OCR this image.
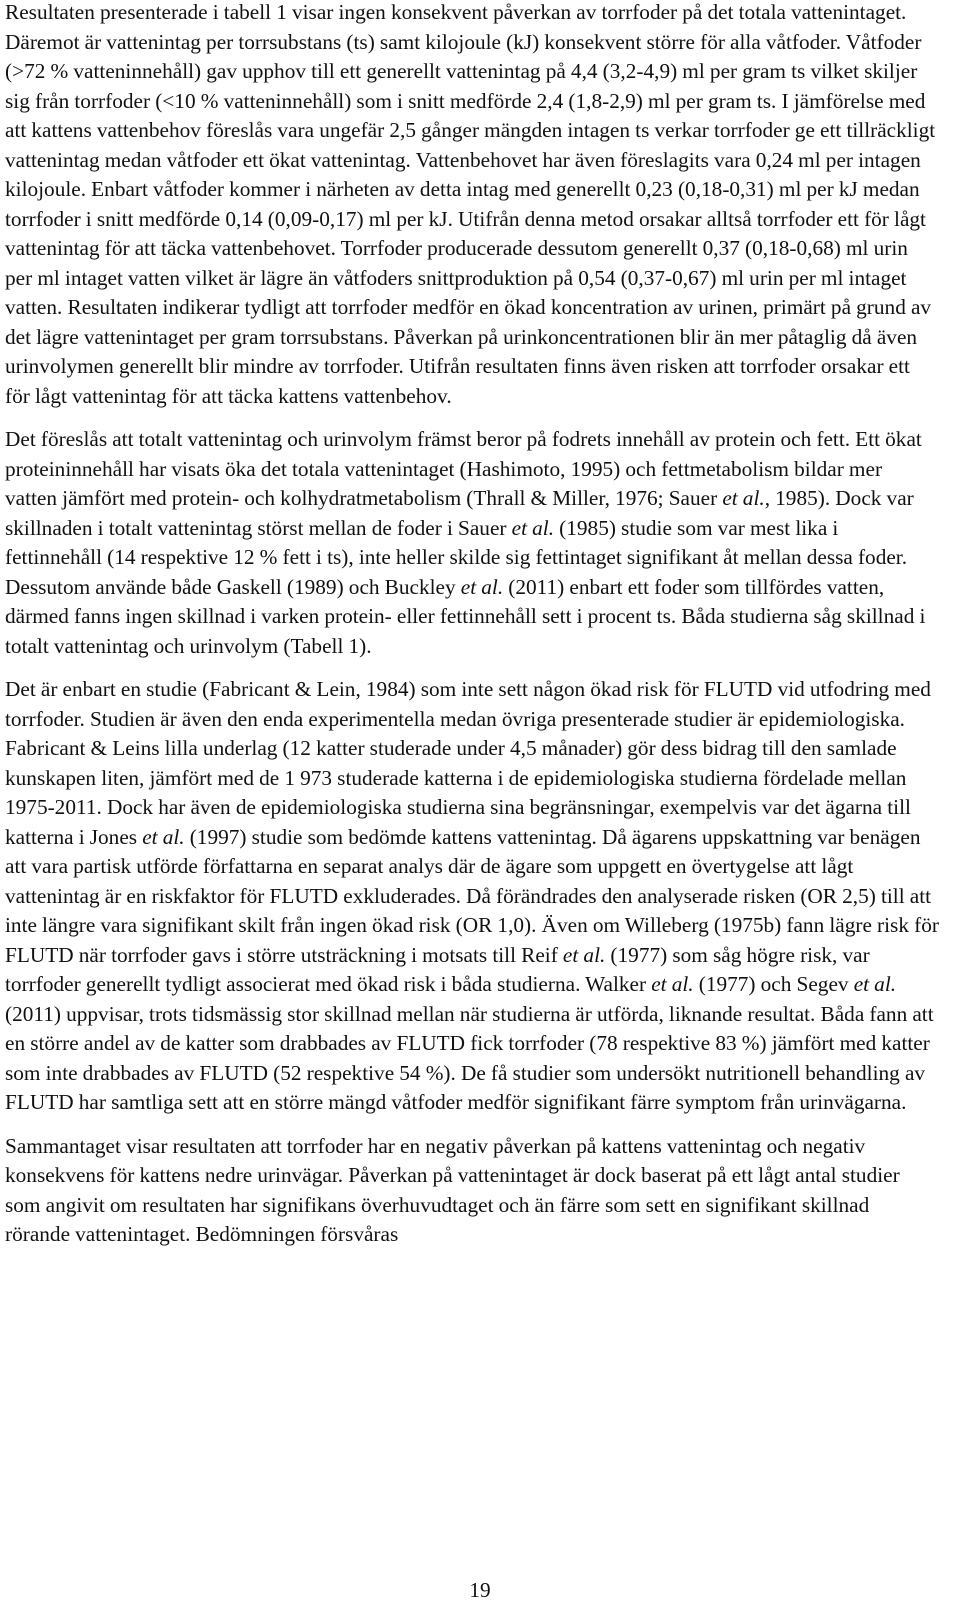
Resultaten presenterade i tabell 1 visar ingen konsekvent påverkan av torrfoder på det totala vattenintaget. Däremot är vattenintag per torrsubstans (ts) samt kilojoule (kJ) konsekvent större för alla våtfoder. Våtfoder (>72 % vatteninnehåll) gav upphov till ett generellt vattenintag på 4,4 (3,2-4,9) ml per gram ts vilket skiljer sig från torrfoder (<10 % vatteninnehåll) som i snitt medförde 2,4 (1,8-2,9) ml per gram ts. I jämförelse med att kattens vattenbehov föreslås vara ungefär 2,5 gånger mängden intagen ts verkar torrfoder ge ett tillräckligt vattenintag medan våtfoder ett ökat vattenintag. Vattenbehovet har även föreslagits vara 0,24 ml per intagen kilojoule. Enbart våtfoder kommer i närheten av detta intag med generellt 0,23 (0,18-0,31) ml per kJ medan torrfoder i snitt medförde 0,14 (0,09-0,17) ml per kJ. Utifrån denna metod orsakar alltså torrfoder ett för lågt vattenintag för att täcka vattenbehovet. Torrfoder producerade dessutom generellt 0,37 (0,18-0,68) ml urin per ml intaget vatten vilket är lägre än våtfoders snittproduktion på 0,54 (0,37-0,67) ml urin per ml intaget vatten. Resultaten indikerar tydligt att torrfoder medför en ökad koncentration av urinen, primärt på grund av det lägre vattenintaget per gram torrsubstans. Påverkan på urinkoncentrationen blir än mer påtaglig då även urinvolymen generellt blir mindre av torrfoder. Utifrån resultaten finns även risken att torrfoder orsakar ett för lågt vattenintag för att täcka kattens vattenbehov.

Det föreslås att totalt vattenintag och urinvolym främst beror på fodrets innehåll av protein och fett. Ett ökat proteininnehåll har visats öka det totala vattenintaget (Hashimoto, 1995) och fettmetabolism bildar mer vatten jämfört med protein- och kolhydratmetabolism (Thrall & Miller, 1976; Sauer et al., 1985). Dock var skillnaden i totalt vattenintag störst mellan de foder i Sauer et al. (1985) studie som var mest lika i fettinnehåll (14 respektive 12 % fett i ts), inte heller skilde sig fettintaget signifikant åt mellan dessa foder. Dessutom använde både Gaskell (1989) och Buckley et al. (2011) enbart ett foder som tillfördes vatten, därmed fanns ingen skillnad i varken protein- eller fettinnehåll sett i procent ts. Båda studierna såg skillnad i totalt vattenintag och urinvolym (Tabell 1).

Det är enbart en studie (Fabricant & Lein, 1984) som inte sett någon ökad risk för FLUTD vid utfodring med torrfoder. Studien är även den enda experimentella medan övriga presenterade studier är epidemiologiska. Fabricant & Leins lilla underlag (12 katter studerade under 4,5 månader) gör dess bidrag till den samlade kunskapen liten, jämfört med de 1 973 studerade katterna i de epidemiologiska studierna fördelade mellan 1975-2011. Dock har även de epidemiologiska studierna sina begränsningar, exempelvis var det ägarna till katterna i Jones et al. (1997) studie som bedömde kattens vattenintag. Då ägarens uppskattning var benägen att vara partisk utförde författarna en separat analys där de ägare som uppgett en övertygelse att lågt vattenintag är en riskfaktor för FLUTD exkluderades. Då förändrades den analyserade risken (OR 2,5) till att inte längre vara signifikant skilt från ingen ökad risk (OR 1,0). Även om Willeberg (1975b) fann lägre risk för FLUTD när torrfoder gavs i större utsträckning i motsats till Reif et al. (1977) som såg högre risk, var torrfoder generellt tydligt associerat med ökad risk i båda studierna. Walker et al. (1977) och Segev et al. (2011) uppvisar, trots tidsmässig stor skillnad mellan när studierna är utförda, liknande resultat. Båda fann att en större andel av de katter som drabbades av FLUTD fick torrfoder (78 respektive 83 %) jämfört med katter som inte drabbades av FLUTD (52 respektive 54 %). De få studier som undersökt nutritionell behandling av FLUTD har samtliga sett att en större mängd våtfoder medför signifikant färre symptom från urinvägarna.

Sammantaget visar resultaten att torrfoder har en negativ påverkan på kattens vattenintag och negativ konsekvens för kattens nedre urinvägar. Påverkan på vattenintaget är dock baserat på ett lågt antal studier som angivit om resultaten har signifikans överhuvudtaget och än färre som sett en signifikant skillnad rörande vattenintaget. Bedömningen försvåras

19
